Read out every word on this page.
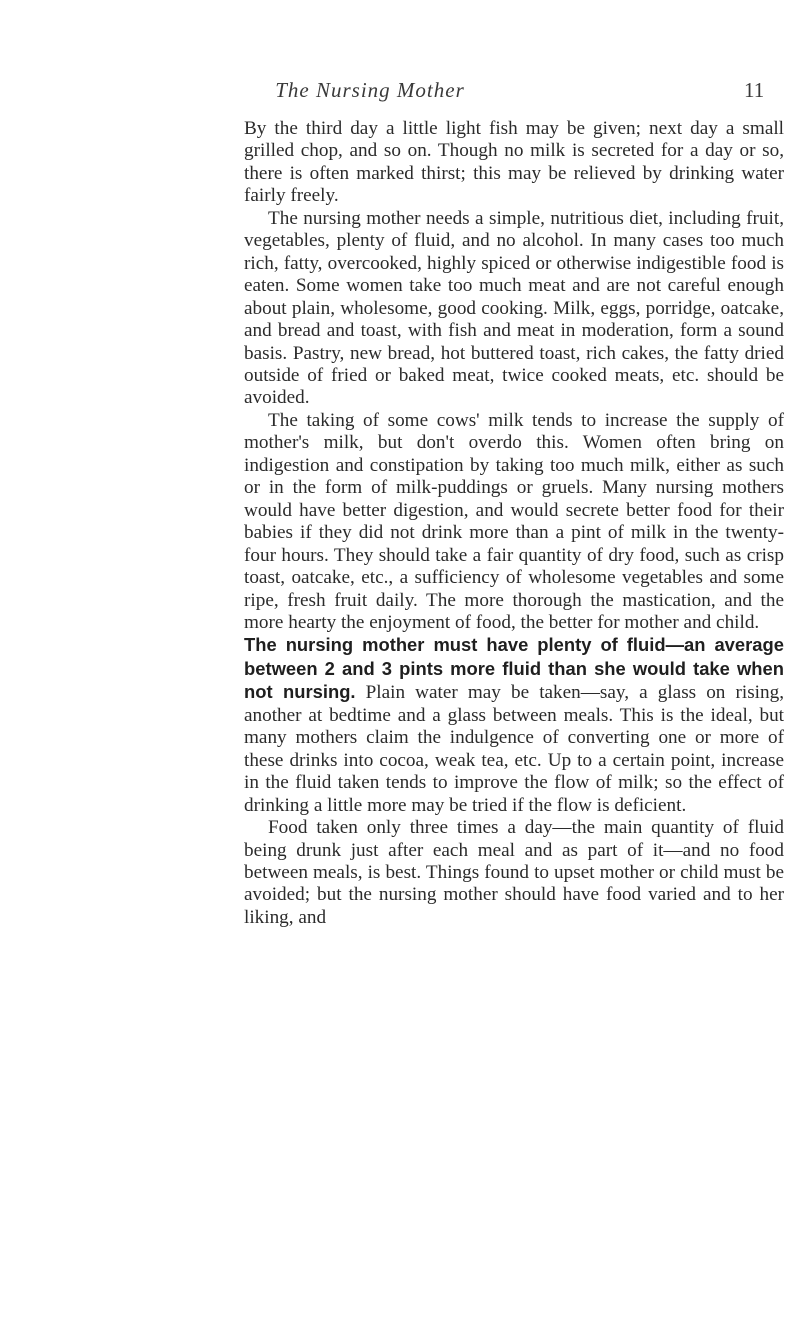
The Nursing Mother	11

By the third day a little light fish may be given; next day a small grilled chop, and so on. Though no milk is secreted for a day or so, there is often marked thirst; this may be relieved by drinking water fairly freely.

The nursing mother needs a simple, nutritious diet, including fruit, vegetables, plenty of fluid, and no alcohol. In many cases too much rich, fatty, overcooked, highly spiced or otherwise indigestible food is eaten. Some women take too much meat and are not careful enough about plain, wholesome, good cooking. Milk, eggs, porridge, oatcake, and bread and toast, with fish and meat in moderation, form a sound basis. Pastry, new bread, hot buttered toast, rich cakes, the fatty dried outside of fried or baked meat, twice cooked meats, etc. should be avoided.

The taking of some cows' milk tends to increase the supply of mother's milk, but don't overdo this. Women often bring on indigestion and constipation by taking too much milk, either as such or in the form of milk-puddings or gruels. Many nursing mothers would have better digestion, and would secrete better food for their babies if they did not drink more than a pint of milk in the twenty-four hours. They should take a fair quantity of dry food, such as crisp toast, oatcake, etc., a sufficiency of wholesome vegetables and some ripe, fresh fruit daily. The more thorough the mastication, and the more hearty the enjoyment of food, the better for mother and child.

The nursing mother must have plenty of fluid—an average between 2 and 3 pints more fluid than she would take when not nursing. Plain water may be taken—say, a glass on rising, another at bedtime and a glass between meals. This is the ideal, but many mothers claim the indulgence of converting one or more of these drinks into cocoa, weak tea, etc. Up to a certain point, increase in the fluid taken tends to improve the flow of milk; so the effect of drinking a little more may be tried if the flow is deficient.

Food taken only three times a day—the main quantity of fluid being drunk just after each meal and as part of it—and no food between meals, is best. Things found to upset mother or child must be avoided; but the nursing mother should have food varied and to her liking, and
